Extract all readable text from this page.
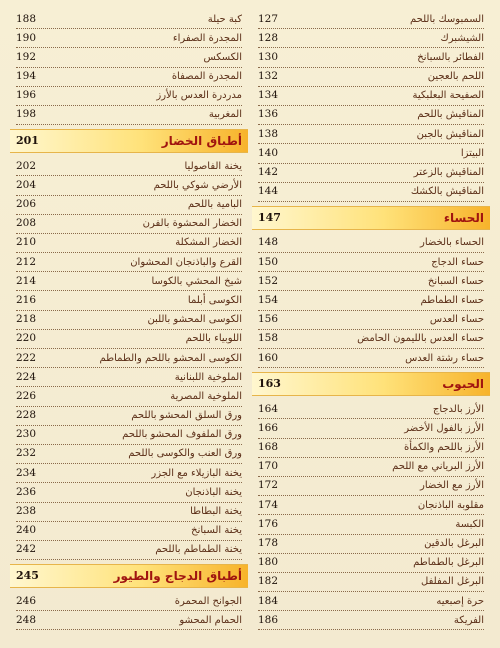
188	كبة حيلة
190	المجدرة الصفراء
192	الكسكس
194	المجدرة المصفاة
196	مدردرة العدس بالأرز
198	المغربية
201	أطباق الخضار
202	يخنة الفاصوليا
204	الأرضي شوكي باللحم
206	البامية باللحم
208	الخضار المحشوة بالفرن
210	الخضار المشكلة
212	القرع والباذنجان المحشوان
214	شيخ المحشي بالكوسا
216	الكوسى أبلما
218	الكوسى المحشو باللبن
220	اللوبياء باللحم
222	الكوسى المحشو باللحم والطماطم
224	الملوخية اللبنانية
226	الملوخية المصرية
228	ورق السلق المحشو باللحم
230	ورق الملفوف المحشو باللحم
232	ورق العنب والكوسى باللحم
234	يخنة البازيلاء مع الجزر
236	يخنة الباذنجان
238	يخنة البطاطا
240	يخنة السبانخ
242	يخنة الطماطم باللحم
245	أطباق الدجاج والطيور
246	الجوانح المحمرة
248	الحمام المحشو
127	السمبوسك باللحم
128	الشيشبرك
130	الفطائر بالسبانخ
132	اللحم بالعجين
134	الصفيحة البعلبكية
136	المناقيش باللحم
138	المناقيش بالجبن
140	البيتزا
142	المناقيش بالزعتر
144	المناقيش بالكشك
147	الحساء
148	الحساء بالخضار
150	حساء الدجاج
152	حساء السبانخ
154	حساء الطماطم
156	حساء العدس
158	حساء العدس بالليمون الحامض
160	حساء رشتة العدس
163	الحبوب
164	الأرز بالدجاج
166	الأرز بالفول الأخضر
168	الأرز باللحم والكمأة
170	الأرز البرياني مع اللحم
172	الأرز مع الخضار
174	مقلوبة الباذنجان
176	الكبسة
178	البرغل بالدقين
180	البرغل بالطماطم
182	البرغل المفلفل
184	حرة إصبعيه
186	الفريكة
